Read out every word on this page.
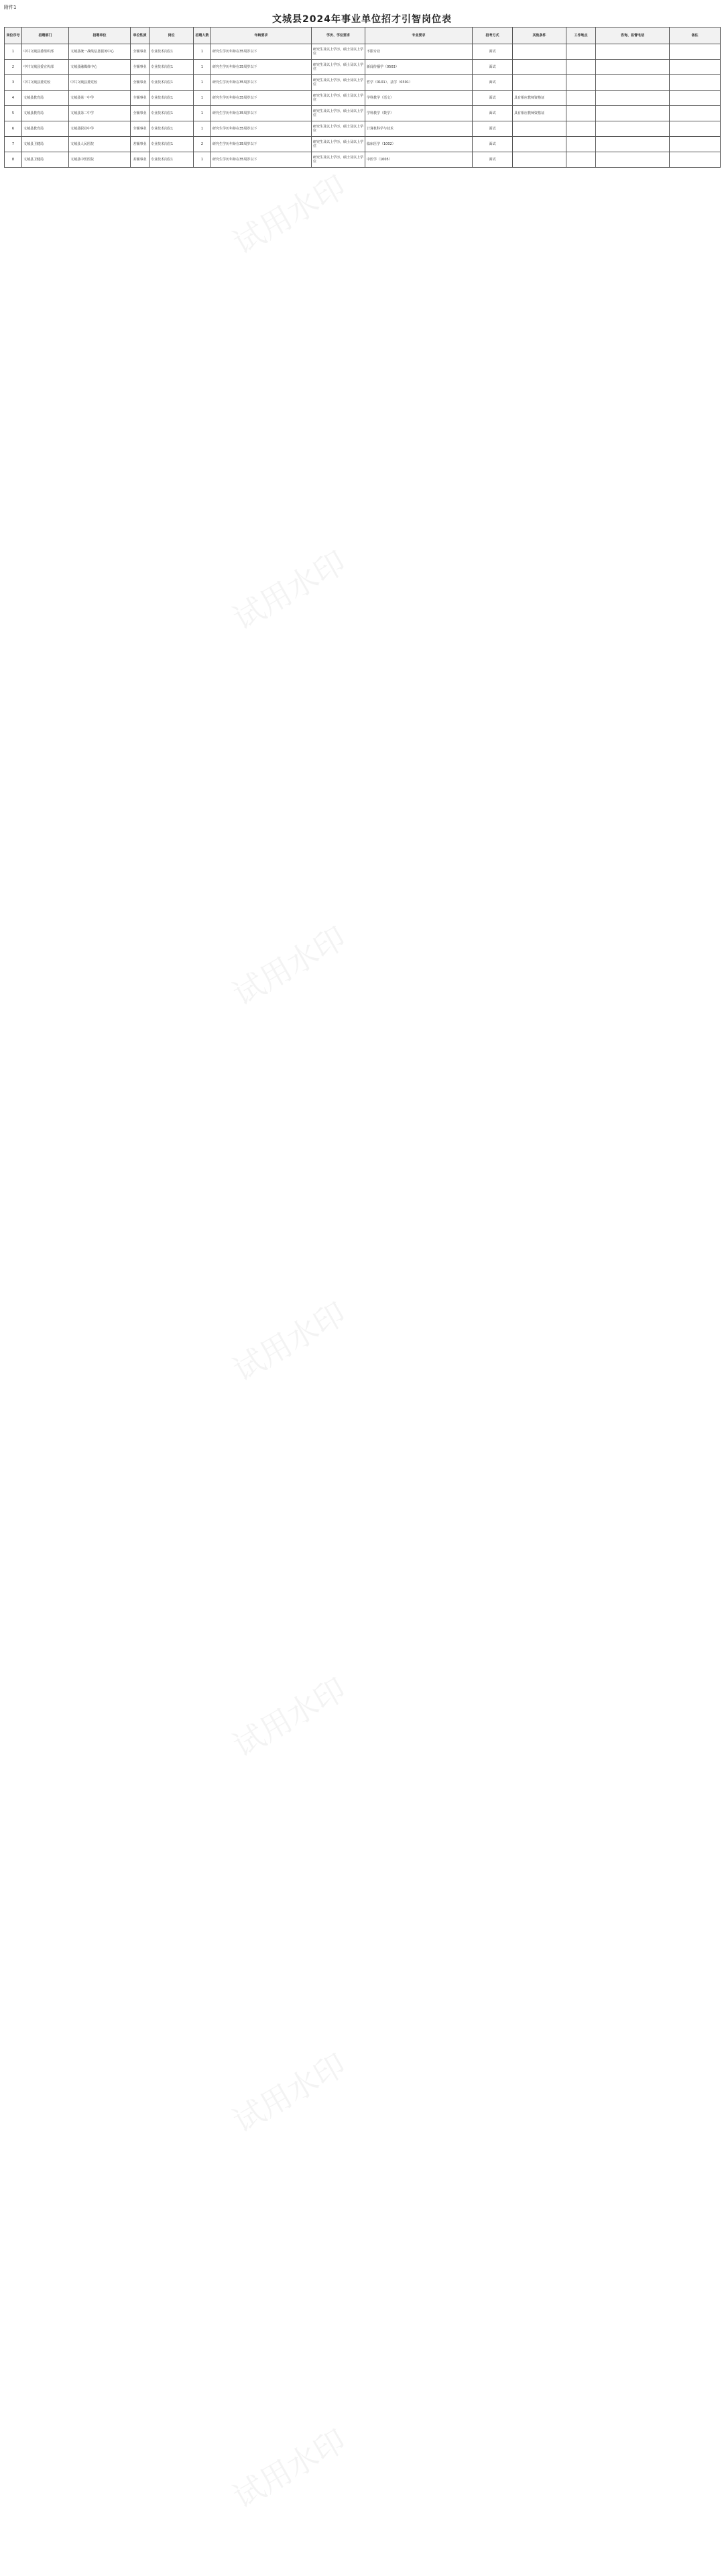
附件1
文城县2024年事业单位招才引智岗位表
岗位序号	招聘部门	招聘单位	单位性质	岗位	招聘人数	年龄要求	学历、学位要求	专业要求	招考方式	其他条件	工作地点	咨询、监督电话	备注
1	中共文城县委组织部	文城县统一战线信息服务中心	全额事业	专业技术岗位1	1	研究生学历年龄在35周岁以下	研究生及以上学历，硕士及以上学位	不限专业	面试				
2	中共文城县委宣传部	文城县融媒体中心	全额事业	专业技术岗位1	1	研究生学历年龄在35周岁以下	研究生及以上学历，硕士及以上学位	新闻传播学（0503）	面试				
3	中共文城县委党校	中共文城县委党校	全额事业	专业技术岗位1	1	研究生学历年龄在35周岁以下	研究生及以上学历，硕士及以上学位	哲学（0101）、法学（0301）	面试				
4	文城县教育局	文城县第一中学	全额事业	专业技术岗位1	1	研究生学历年龄在35周岁以下	研究生及以上学历，硕士及以上学位	学科教学（语文）	面试	具有相应教师资格证			
5	文城县教育局	文城县第二中学	全额事业	专业技术岗位1	1	研究生学历年龄在35周岁以下	研究生及以上学历，硕士及以上学位	学科教学（数学）	面试	具有相应教师资格证			
6	文城县教育局	文城县职业中学	全额事业	专业技术岗位1	1	研究生学历年龄在35周岁以下	研究生及以上学历，硕士及以上学位	计算机科学与技术	面试				
7	文城县卫健局	文城县人民医院	差额事业	专业技术岗位1	2	研究生学历年龄在35周岁以下	研究生及以上学历，硕士及以上学位	临床医学（1002）	面试				
8	文城县卫健局	文城县中医医院	差额事业	专业技术岗位1	1	研究生学历年龄在35周岁以下	研究生及以上学历，硕士及以上学位	中医学（1005）	面试				
试用水印
试用水印
试用水印
试用水印
试用水印
试用水印
试用水印
